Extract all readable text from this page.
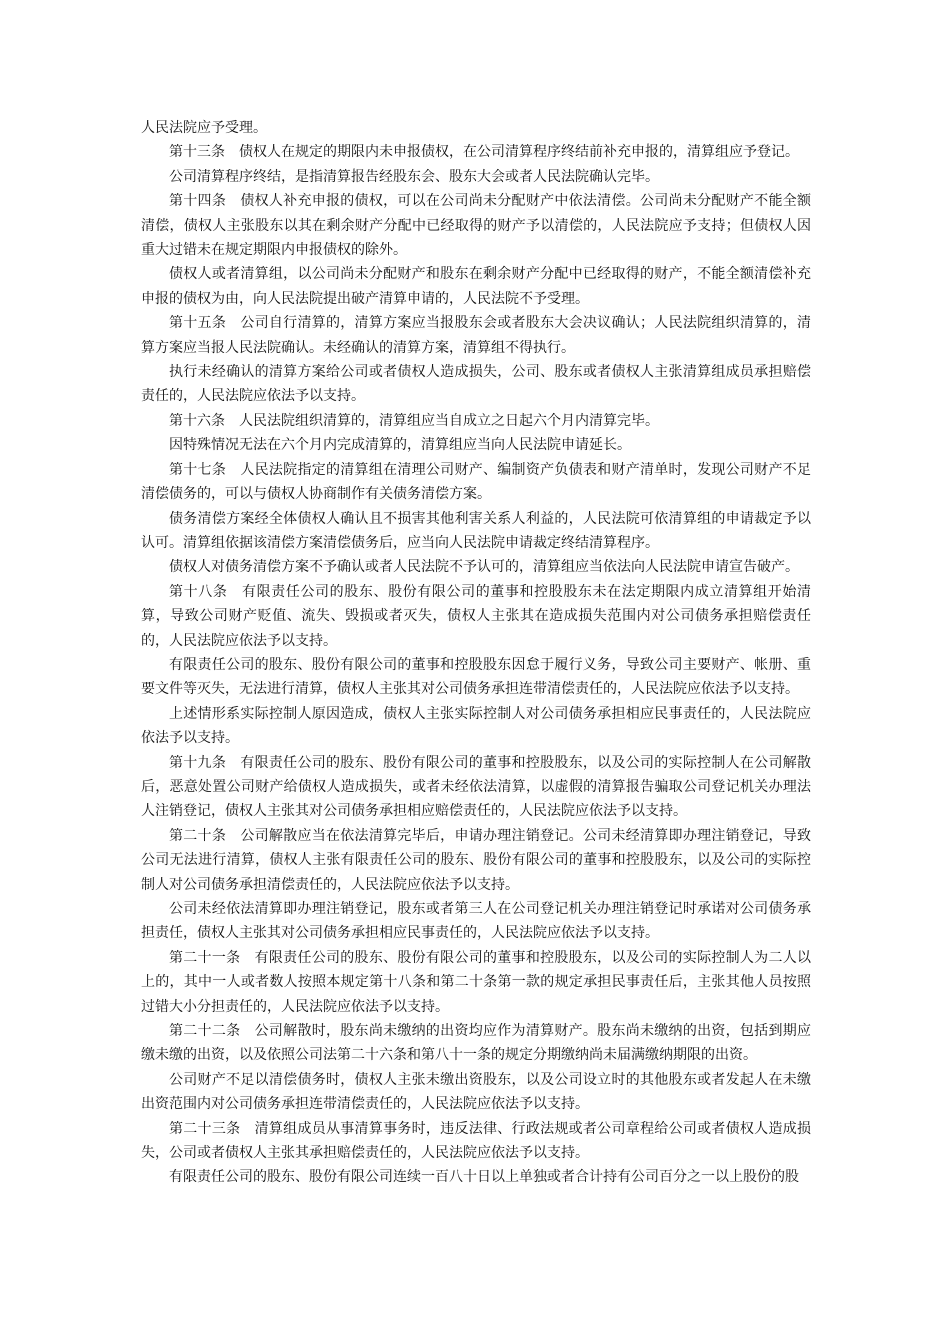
人民法院应予受理。

第十三条　债权人在规定的期限内未申报债权，在公司清算程序终结前补充申报的，清算组应予登记。

公司清算程序终结，是指清算报告经股东会、股东大会或者人民法院确认完毕。

第十四条　债权人补充申报的债权，可以在公司尚未分配财产中依法清偿。公司尚未分配财产不能全额清偿，债权人主张股东以其在剩余财产分配中已经取得的财产予以清偿的，人民法院应予支持；但债权人因重大过错未在规定期限内申报债权的除外。

债权人或者清算组，以公司尚未分配财产和股东在剩余财产分配中已经取得的财产，不能全额清偿补充申报的债权为由，向人民法院提出破产清算申请的，人民法院不予受理。

第十五条　公司自行清算的，清算方案应当报股东会或者股东大会决议确认；人民法院组织清算的，清算方案应当报人民法院确认。未经确认的清算方案，清算组不得执行。

执行未经确认的清算方案给公司或者债权人造成损失，公司、股东或者债权人主张清算组成员承担赔偿责任的，人民法院应依法予以支持。

第十六条　人民法院组织清算的，清算组应当自成立之日起六个月内清算完毕。

因特殊情况无法在六个月内完成清算的，清算组应当向人民法院申请延长。

第十七条　人民法院指定的清算组在清理公司财产、编制资产负债表和财产清单时，发现公司财产不足清偿债务的，可以与债权人协商制作有关债务清偿方案。

债务清偿方案经全体债权人确认且不损害其他利害关系人利益的，人民法院可依清算组的申请裁定予以认可。清算组依据该清偿方案清偿债务后，应当向人民法院申请裁定终结清算程序。

债权人对债务清偿方案不予确认或者人民法院不予认可的，清算组应当依法向人民法院申请宣告破产。

第十八条　有限责任公司的股东、股份有限公司的董事和控股股东未在法定期限内成立清算组开始清算，导致公司财产贬值、流失、毁损或者灭失，债权人主张其在造成损失范围内对公司债务承担赔偿责任的，人民法院应依法予以支持。

有限责任公司的股东、股份有限公司的董事和控股股东因怠于履行义务，导致公司主要财产、帐册、重要文件等灭失，无法进行清算，债权人主张其对公司债务承担连带清偿责任的，人民法院应依法予以支持。

上述情形系实际控制人原因造成，债权人主张实际控制人对公司债务承担相应民事责任的，人民法院应依法予以支持。

第十九条　有限责任公司的股东、股份有限公司的董事和控股股东，以及公司的实际控制人在公司解散后，恶意处置公司财产给债权人造成损失，或者未经依法清算，以虚假的清算报告骗取公司登记机关办理法人注销登记，债权人主张其对公司债务承担相应赔偿责任的，人民法院应依法予以支持。

第二十条　公司解散应当在依法清算完毕后，申请办理注销登记。公司未经清算即办理注销登记，导致公司无法进行清算，债权人主张有限责任公司的股东、股份有限公司的董事和控股股东，以及公司的实际控制人对公司债务承担清偿责任的，人民法院应依法予以支持。

公司未经依法清算即办理注销登记，股东或者第三人在公司登记机关办理注销登记时承诺对公司债务承担责任，债权人主张其对公司债务承担相应民事责任的，人民法院应依法予以支持。

第二十一条　有限责任公司的股东、股份有限公司的董事和控股股东，以及公司的实际控制人为二人以上的，其中一人或者数人按照本规定第十八条和第二十条第一款的规定承担民事责任后，主张其他人员按照过错大小分担责任的，人民法院应依法予以支持。

第二十二条　公司解散时，股东尚未缴纳的出资均应作为清算财产。股东尚未缴纳的出资，包括到期应缴未缴的出资，以及依照公司法第二十六条和第八十一条的规定分期缴纳尚未届满缴纳期限的出资。

公司财产不足以清偿债务时，债权人主张未缴出资股东，以及公司设立时的其他股东或者发起人在未缴出资范围内对公司债务承担连带清偿责任的，人民法院应依法予以支持。

第二十三条　清算组成员从事清算事务时，违反法律、行政法规或者公司章程给公司或者债权人造成损失，公司或者债权人主张其承担赔偿责任的，人民法院应依法予以支持。

有限责任公司的股东、股份有限公司连续一百八十日以上单独或者合计持有公司百分之一以上股份的股
